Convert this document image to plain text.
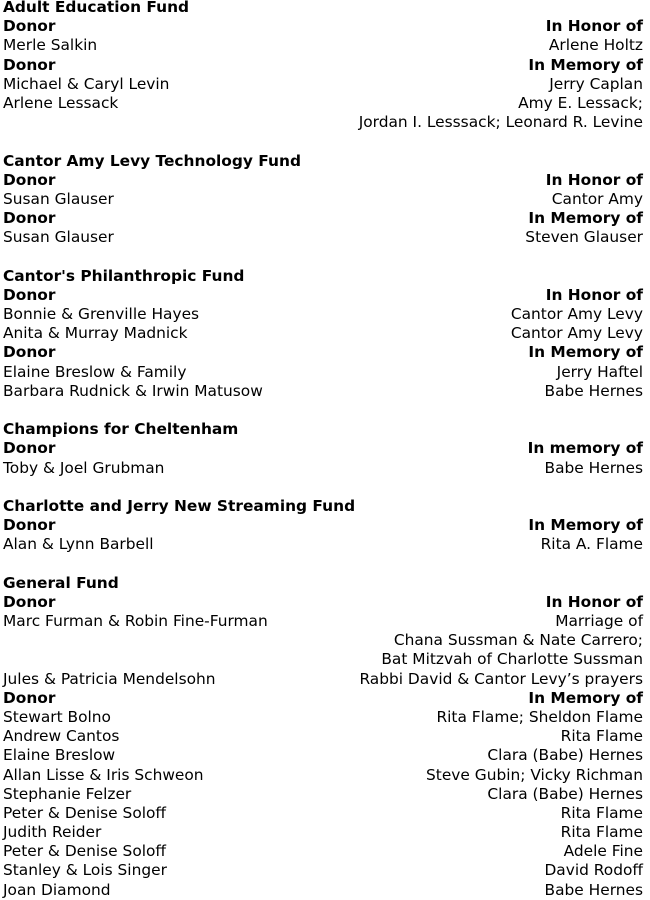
Adult Education Fund
Donor	In Honor of
Merle Salkin	Arlene Holtz
Donor	In Memory of
Michael & Caryl Levin	Jerry Caplan
Arlene Lessack	Amy E. Lessack;
Jordan I. Lesssack; Leonard R. Levine
Cantor Amy Levy Technology Fund
Donor	In Honor of
Susan Glauser	Cantor Amy
Donor	In Memory of
Susan Glauser	Steven Glauser
Cantor's Philanthropic Fund
Donor	In Honor of
Bonnie & Grenville Hayes	Cantor Amy Levy
Anita & Murray Madnick	Cantor Amy Levy
Donor	In Memory of
Elaine Breslow & Family	Jerry Haftel
Barbara Rudnick & Irwin Matusow	Babe Hernes
Champions for Cheltenham
Donor	In memory of
Toby & Joel Grubman	Babe Hernes
Charlotte and Jerry New Streaming Fund
Donor	In Memory of
Alan & Lynn Barbell	Rita A. Flame
General Fund
Donor	In Honor of
Marc Furman & Robin Fine-Furman	Marriage of
Chana Sussman & Nate Carrero;
Bat Mitzvah of Charlotte Sussman
Jules & Patricia Mendelsohn	Rabbi David & Cantor Levy’s prayers
Donor	In Memory of
Stewart Bolno	Rita Flame; Sheldon Flame
Andrew Cantos	Rita Flame
Elaine Breslow	Clara (Babe) Hernes
Allan Lisse & Iris Schweon	Steve Gubin; Vicky Richman
Stephanie Felzer	Clara (Babe) Hernes
Peter & Denise Soloff	Rita Flame
Judith Reider	Rita Flame
Peter & Denise Soloff	Adele Fine
Stanley & Lois Singer	David Rodoff
Joan Diamond	Babe Hernes
